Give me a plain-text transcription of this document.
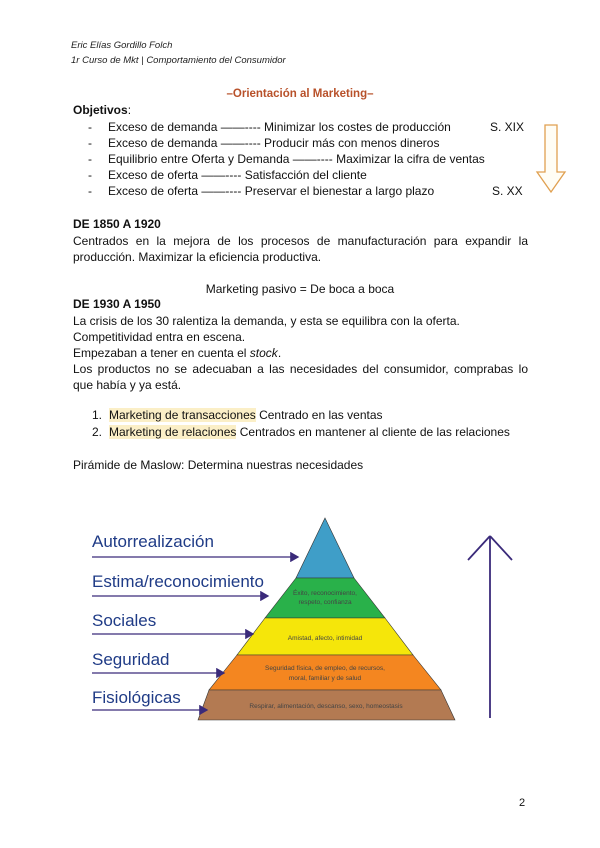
Eric Elías Gordillo Folch
1r Curso de Mkt | Comportamiento del Consumidor
–Orientación al Marketing–
Objetivos:
- Exceso de demanda ——---- Minimizar los costes de producción	S. XIX
- Exceso de demanda ——---- Producir más con menos dineros
- Equilibrio entre Oferta y Demanda ——---- Maximizar la cifra de ventas
- Exceso de oferta ——---- Satisfacción del cliente
- Exceso de oferta ——---- Preservar el bienestar a largo plazo	S. XX
DE 1850 A 1920
Centrados en la mejora de los procesos de manufacturación para expandir la producción. Maximizar la eficiencia productiva.
Marketing pasivo = De boca a boca
DE 1930 A 1950
La crisis de los 30 ralentiza la demanda, y esta se equilibra con la oferta.
Competitividad entra en escena.
Empezaban a tener en cuenta el stock.
Los productos no se adecuaban a las necesidades del consumidor, comprabas lo que había y ya está.
1. Marketing de transacciones Centrado en las ventas
2. Marketing de relaciones Centrados en mantener al cliente de las relaciones
Pirámide de Maslow: Determina nuestras necesidades
Autorrealización
Estima/reconocimiento
Sociales
Seguridad
Fisiológicas
Éxito, reconocimiento,
respeto, confianza
Amistad, afecto, intimidad
Seguridad física, de empleo, de recursos,
moral, familiar y de salud
Respirar, alimentación, descanso, sexo, homeostasis
2
